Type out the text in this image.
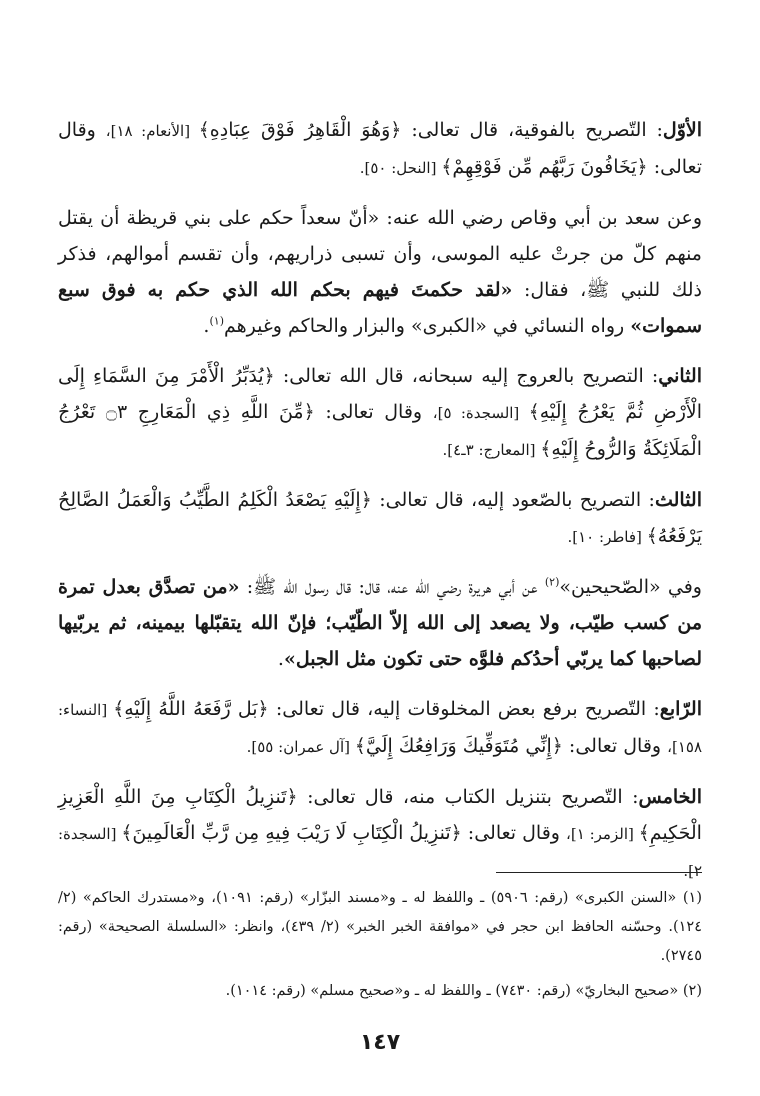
الأوّل: التّصريح بالفوقية، قال تعالى: ﴿وَهُوَ الْقَاهِرُ فَوْقَ عِبَادِهِ﴾ [الأنعام: ١٨]، وقال تعالى: ﴿يَخَافُونَ رَبَّهُم مِّن فَوْقِهِمْ﴾ [النحل: ٥٠].

وعن سعد بن أبي وقاص رضي الله عنه: «أنّ سعداً حكم على بني قريظة أن يقتل منهم كلّ من جرتْ عليه الموسى، وأن تسبى ذراريهم، وأن تقسم أموالهم، فذكر ذلك للنبي ﷺ، فقال: «لقد حكمتَ فيهم بحكم الله الذي حكم به فوق سبع سموات» رواه النسائي في «الكبرى» والبزار والحاكم وغيرهم$^{(١)}$.

الثاني: التصريح بالعروج إليه سبحانه، قال الله تعالى: ﴿يُدَبِّرُ الْأَمْرَ مِنَ السَّمَاءِ إِلَى الْأَرْضِ ثُمَّ يَعْرُجُ إِلَيْهِ﴾ [السجدة: ٥]، وقال تعالى: ﴿مِّنَ اللَّهِ ذِي الْمَعَارِجِ ۝٣ تَعْرُجُ الْمَلَائِكَةُ وَالرُّوحُ إِلَيْهِ﴾ [المعارج: ٣ـ٤].

الثالث: التصريح بالصّعود إليه، قال تعالى: ﴿إِلَيْهِ يَصْعَدُ الْكَلِمُ الطَّيِّبُ وَالْعَمَلُ الصَّالِحُ يَرْفَعُهُ﴾ [فاطر: ١٠].

وفي «الصّحيحين»$^{(٢)}$ عن أبي هريرة رضي الله عنه، قال: قال رسول الله ﷺ: «من تصدَّق بعدل تمرة من كسب طيّب، ولا يصعد إلى الله إلاّ الطّيّب؛ فإنّ الله يتقبّلها بيمينه، ثم يربّيها لصاحبها كما يربّي أحدُكم فلوَّه حتى تكون مثل الجبل».

الرّابع: التّصريح برفع بعض المخلوقات إليه، قال تعالى: ﴿بَل رَّفَعَهُ اللَّهُ إِلَيْهِ﴾ [النساء: ١٥٨]، وقال تعالى: ﴿إِنِّي مُتَوَفِّيكَ وَرَافِعُكَ إِلَيَّ﴾ [آل عمران: ٥٥].

الخامس: التّصريح بتنزيل الكتاب منه، قال تعالى: ﴿تَنزِيلُ الْكِتَابِ مِنَ اللَّهِ الْعَزِيزِ الْحَكِيمِ﴾ [الزمر: ١]، وقال تعالى: ﴿تَنزِيلُ الْكِتَابِ لَا رَيْبَ فِيهِ مِن رَّبِّ الْعَالَمِينَ﴾ [السجدة: ٢].

(١) «السنن الكبرى» (رقم: ٥٩٠٦) ـ واللفظ له ـ و«مسند البزّار» (رقم: ١٠٩١)، و«مستدرك الحاكم» (٢/ ١٢٤). وحسّنه الحافظ ابن حجر في «موافقة الخبر الخبر» (٢/ ٤٣٩)، وانظر: «السلسلة الصحيحة» (رقم: ٢٧٤٥).

(٢) «صحيح البخاريّ» (رقم: ٧٤٣٠) ـ واللفظ له ـ و«صحيح مسلم» (رقم: ١٠١٤).

١٤٧
